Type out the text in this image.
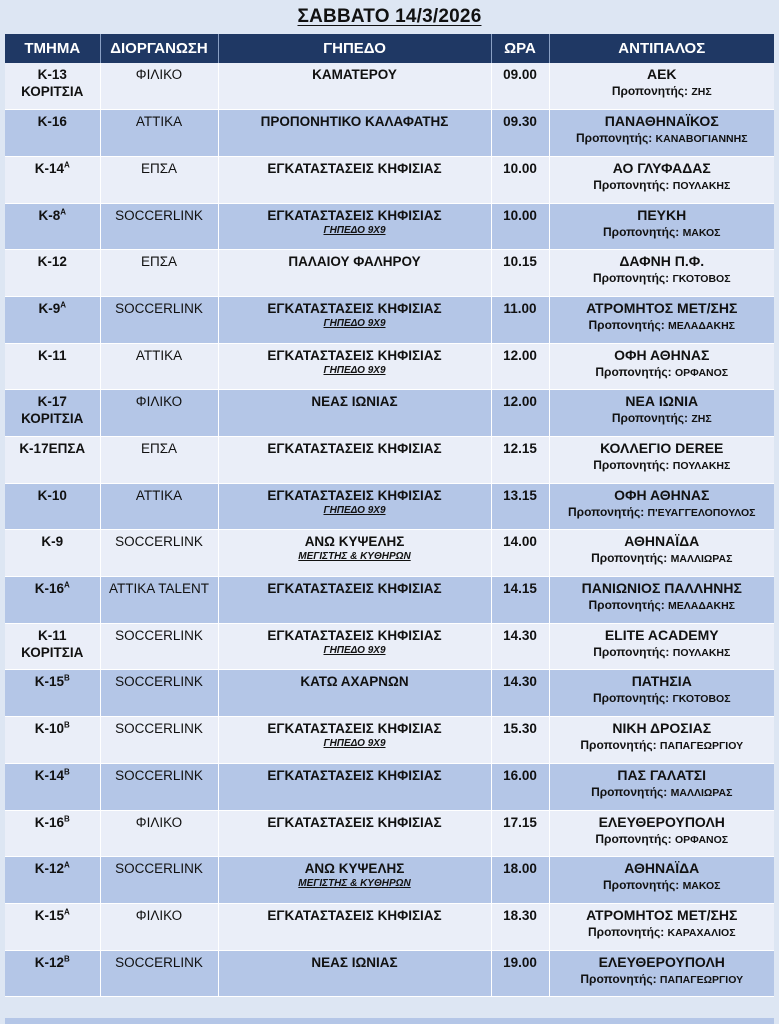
ΣΑΒΒΑΤΟ 14/3/2026
ΤΜΗΜΑ	ΔΙΟΡΓΑΝΩΣΗ	ΓΗΠΕΔΟ	ΩΡΑ	ΑΝΤΙΠΑΛΟΣ
Κ-13
ΚΟΡΙΤΣΙΑ	ΦΙΛΙΚΟ	ΚΑΜΑΤΕΡΟΥ	09.00	ΑΕΚ
Προπονητής: ΖΗΣ

Κ-16	ΑΤΤΙΚΑ	ΠΡΟΠΟΝΗΤΙΚΟ ΚΑΛΑΦΑΤΗΣ	09.30	ΠΑΝΑΘΗΝΑΪΚΟΣ
Προπονητής: ΚΑΝΑΒΟΓΙΑΝΝΗΣ

$K-14^A$	ΕΠΣΑ	ΕΓΚΑΤΑΣΤΑΣΕΙΣ ΚΗΦΙΣΙΑΣ	10.00	ΑΟ ΓΛΥΦΑΔΑΣ
Προπονητής: ΠΟΥΛΑΚΗΣ

$K-8^A$	SOCCERLINK	ΕΓΚΑΤΑΣΤΑΣΕΙΣ ΚΗΦΙΣΙΑΣ
ΓΗΠΕΔΟ 9Χ9	10.00	ΠΕΥΚΗ
Προπονητής: ΜΑΚΟΣ

Κ-12	ΕΠΣΑ	ΠΑΛΑΙΟΥ ΦΑΛΗΡΟΥ	10.15	ΔΑΦΝΗ Π.Φ.
Προπονητής: ΓΚΟΤΟΒΟΣ

$K-9^A$	SOCCERLINK	ΕΓΚΑΤΑΣΤΑΣΕΙΣ ΚΗΦΙΣΙΑΣ
ΓΗΠΕΔΟ 9Χ9	11.00	ΑΤΡΟΜΗΤΟΣ ΜΕΤ/ΣΗΣ
Προπονητής: ΜΕΛΑΔΑΚΗΣ

Κ-11	ΑΤΤΙΚΑ	ΕΓΚΑΤΑΣΤΑΣΕΙΣ ΚΗΦΙΣΙΑΣ
ΓΗΠΕΔΟ 9Χ9	12.00	ΟΦΗ ΑΘΗΝΑΣ
Προπονητής: ΟΡΦΑΝΟΣ

Κ-17
ΚΟΡΙΤΣΙΑ	ΦΙΛΙΚΟ	ΝΕΑΣ ΙΩΝΙΑΣ	12.00	ΝΕΑ ΙΩΝΙΑ
Προπονητής: ΖΗΣ

Κ-17ΕΠΣΑ	ΕΠΣΑ	ΕΓΚΑΤΑΣΤΑΣΕΙΣ ΚΗΦΙΣΙΑΣ	12.15	ΚΟΛΛΕΓΙΟ DEREE
Προπονητής: ΠΟΥΛΑΚΗΣ

Κ-10	ΑΤΤΙΚΑ	ΕΓΚΑΤΑΣΤΑΣΕΙΣ ΚΗΦΙΣΙΑΣ
ΓΗΠΕΔΟ 9Χ9	13.15	ΟΦΗ ΑΘΗΝΑΣ
Προπονητής: Π'ΕΥΑΓΓΕΛΟΠΟΥΛΟΣ

Κ-9	SOCCERLINK	ΑΝΩ ΚΥΨΕΛΗΣ
ΜΕΓΙΣΤΗΣ & ΚΥΘΗΡΩΝ	14.00	ΑΘΗΝΑΪΔΑ
Προπονητής: ΜΑΛΛΙΩΡΑΣ

$K-16^A$	ΑΤΤΙΚΑ TALENT	ΕΓΚΑΤΑΣΤΑΣΕΙΣ ΚΗΦΙΣΙΑΣ	14.15	ΠΑΝΙΩΝΙΟΣ ΠΑΛΛΗΝΗΣ
Προπονητής: ΜΕΛΑΔΑΚΗΣ

Κ-11
ΚΟΡΙΤΣΙΑ	SOCCERLINK	ΕΓΚΑΤΑΣΤΑΣΕΙΣ ΚΗΦΙΣΙΑΣ
ΓΗΠΕΔΟ 9Χ9	14.30	ELITE ACADEMY
Προπονητής: ΠΟΥΛΑΚΗΣ

$K-15^B$	SOCCERLINK	ΚΑΤΩ ΑΧΑΡΝΩΝ	14.30	ΠΑΤΗΣΙΑ
Προπονητής: ΓΚΟΤΟΒΟΣ

$K-10^B$	SOCCERLINK	ΕΓΚΑΤΑΣΤΑΣΕΙΣ ΚΗΦΙΣΙΑΣ
ΓΗΠΕΔΟ 9Χ9	15.30	ΝΙΚΗ ΔΡΟΣΙΑΣ
Προπονητής: ΠΑΠΑΓΕΩΡΓΙΟΥ

$K-14^B$	SOCCERLINK	ΕΓΚΑΤΑΣΤΑΣΕΙΣ ΚΗΦΙΣΙΑΣ	16.00	ΠΑΣ ΓΑΛΑΤΣΙ
Προπονητής: ΜΑΛΛΙΩΡΑΣ

$K-16^B$	ΦΙΛΙΚΟ	ΕΓΚΑΤΑΣΤΑΣΕΙΣ ΚΗΦΙΣΙΑΣ	17.15	ΕΛΕΥΘΕΡΟΥΠΟΛΗ
Προπονητής: ΟΡΦΑΝΟΣ

$K-12^A$	SOCCERLINK	ΑΝΩ ΚΥΨΕΛΗΣ
ΜΕΓΙΣΤΗΣ & ΚΥΘΗΡΩΝ	18.00	ΑΘΗΝΑΪΔΑ
Προπονητής: ΜΑΚΟΣ

$K-15^A$	ΦΙΛΙΚΟ	ΕΓΚΑΤΑΣΤΑΣΕΙΣ ΚΗΦΙΣΙΑΣ	18.30	ΑΤΡΟΜΗΤΟΣ ΜΕΤ/ΣΗΣ
Προπονητής: ΚΑΡΑΧΑΛΙΟΣ

$K-12^B$	SOCCERLINK	ΝΕΑΣ ΙΩΝΙΑΣ	19.00	ΕΛΕΥΘΕΡΟΥΠΟΛΗ
Προπονητής: ΠΑΠΑΓΕΩΡΓΙΟΥ
